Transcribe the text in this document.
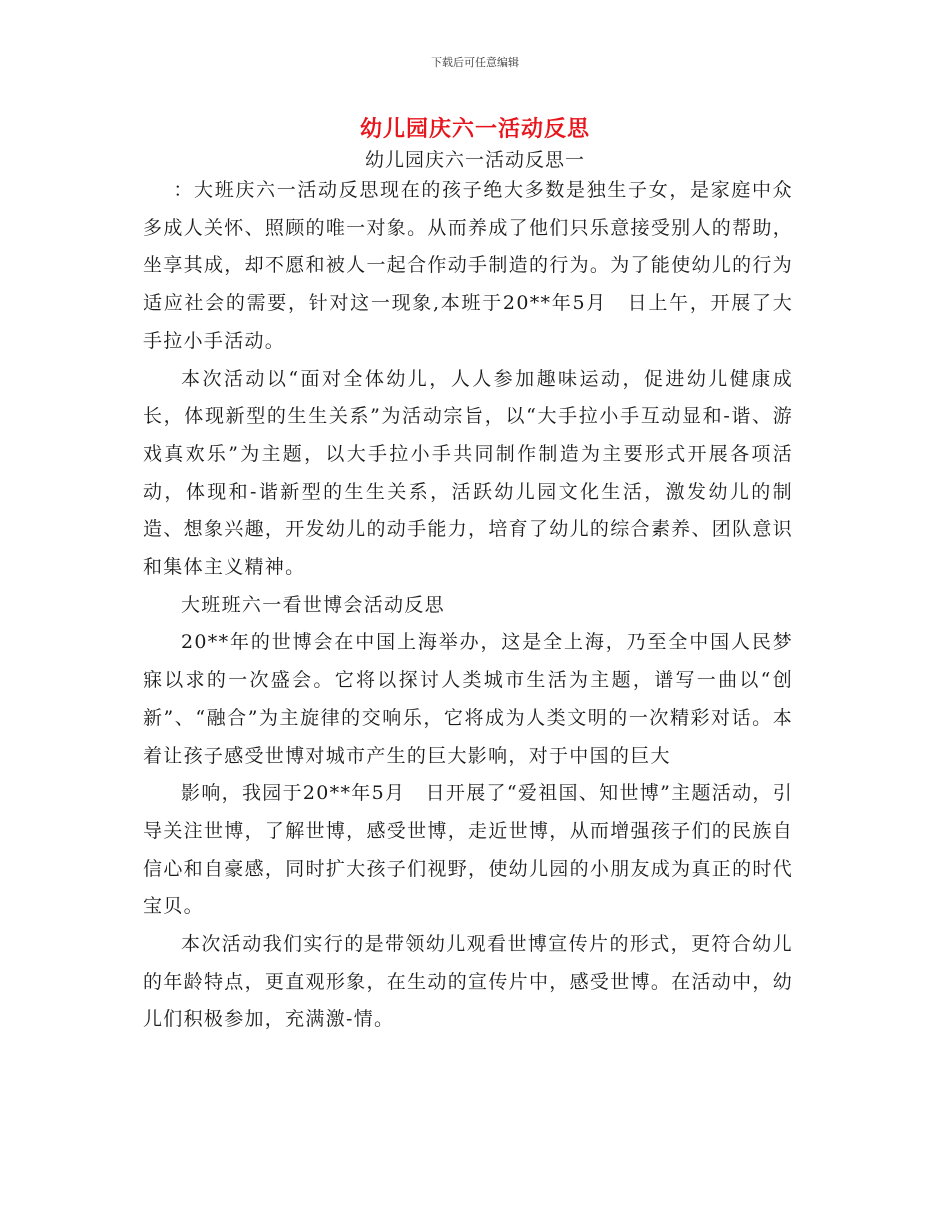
下载后可任意编辑
幼儿园庆六一活动反思
幼儿园庆六一活动反思一

：大班庆六一活动反思现在的孩子绝大多数是独生子女，是家庭中众多成人关怀、照顾的唯一对象。从而养成了他们只乐意接受别人的帮助，坐享其成，却不愿和被人一起合作动手制造的行为。为了能使幼儿的行为适应社会的需要，针对这一现象,本班于20**年5月　日上午，开展了大手拉小手活动。

本次活动以“面对全体幼儿，人人参加趣味运动，促进幼儿健康成长，体现新型的生生关系”为活动宗旨，以“大手拉小手互动显和-谐、游戏真欢乐”为主题，以大手拉小手共同制作制造为主要形式开展各项活动，体现和-谐新型的生生关系，活跃幼儿园文化生活，激发幼儿的制造、想象兴趣，开发幼儿的动手能力，培育了幼儿的综合素养、团队意识和集体主义精神。

大班班六一看世博会活动反思

20**年的世博会在中国上海举办，这是全上海，乃至全中国人民梦寐以求的一次盛会。它将以探讨人类城市生活为主题，谱写一曲以“创新”、“融合”为主旋律的交响乐，它将成为人类文明的一次精彩对话。本着让孩子感受世博对城市产生的巨大影响，对于中国的巨大

影响，我园于20**年5月　日开展了“爱祖国、知世博”主题活动，引导关注世博，了解世博，感受世博，走近世博，从而增强孩子们的民族自信心和自豪感，同时扩大孩子们视野，使幼儿园的小朋友成为真正的时代宝贝。

本次活动我们实行的是带领幼儿观看世博宣传片的形式，更符合幼儿的年龄特点，更直观形象，在生动的宣传片中，感受世博。在活动中，幼儿们积极参加，充满激-情。
